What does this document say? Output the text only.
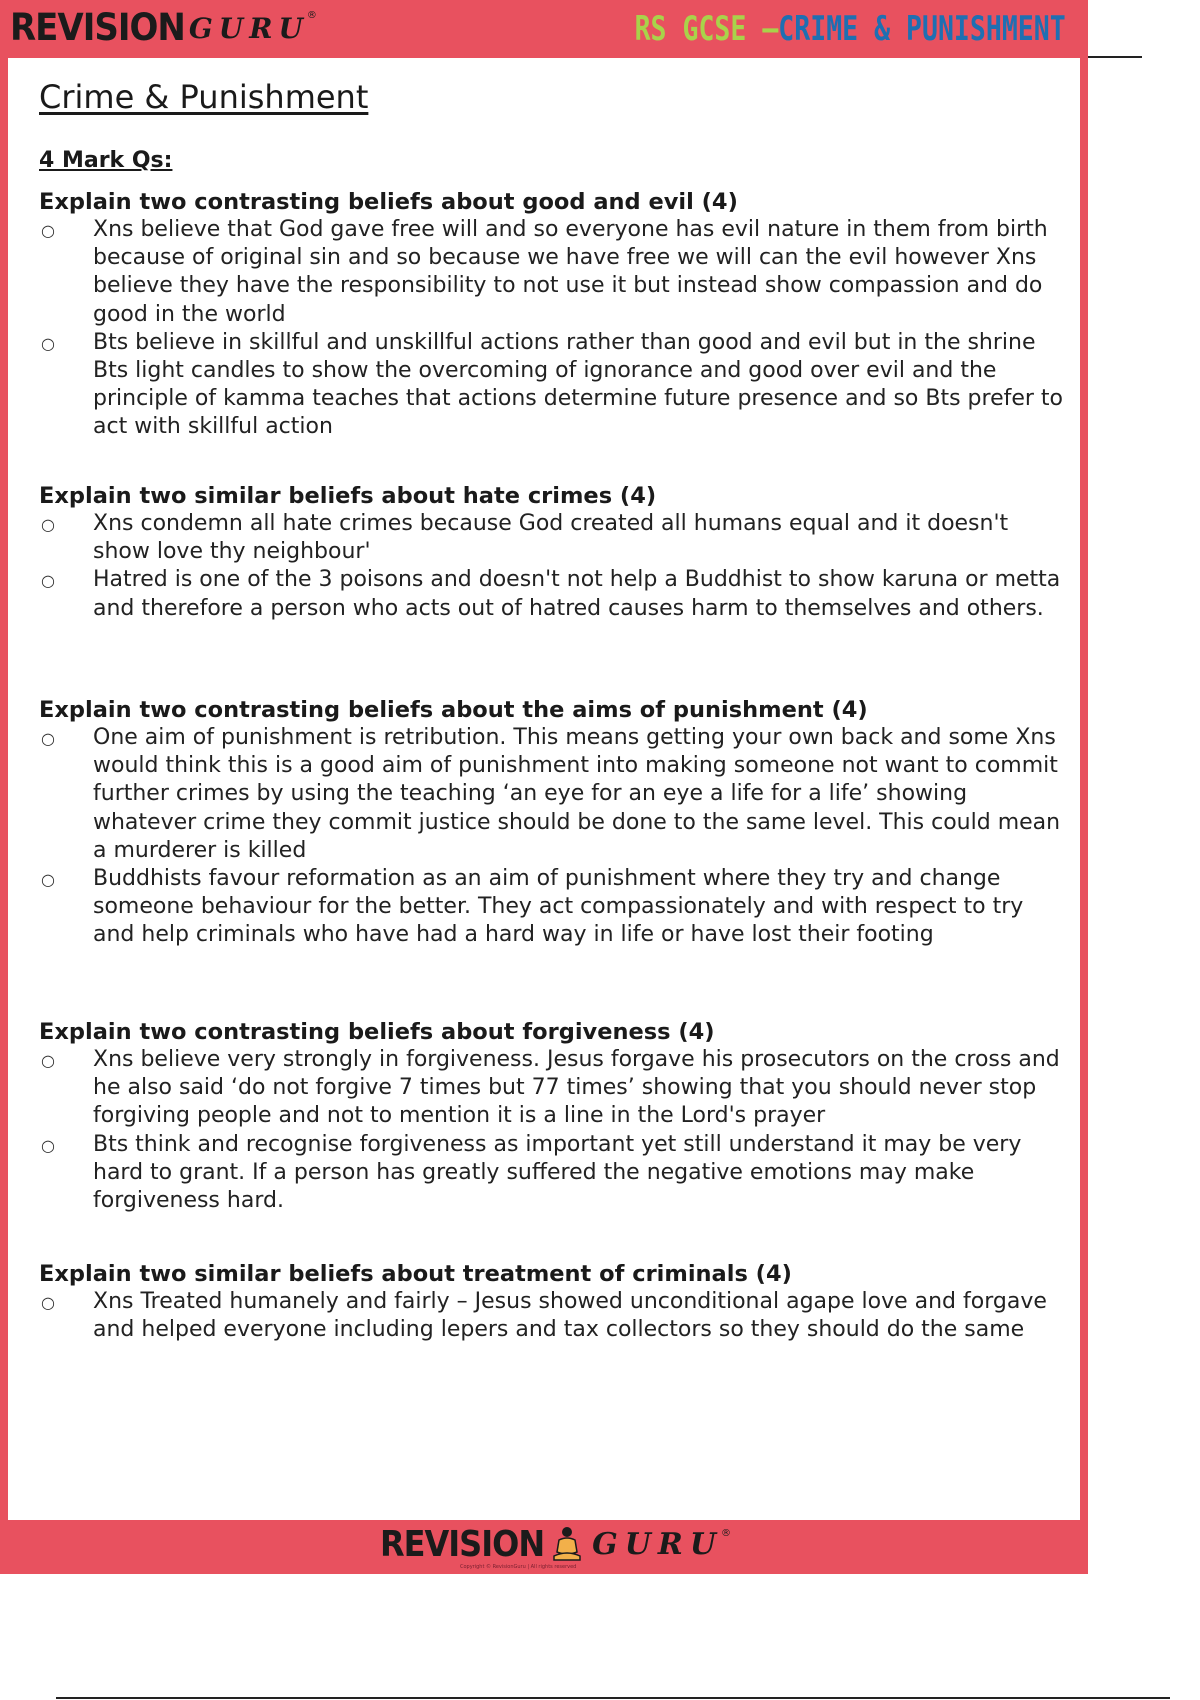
REVISION GURU
®	RS GCSE – CRIME & PUNISHMENT
Crime & Punishment
4 Mark Qs:
Explain two contrasting beliefs about good and evil (4)
○ Xns believe that God gave free will and so everyone has evil nature in them from birth because of original sin and so because we have free we will can the evil however Xns believe they have the responsibility to not use it but instead show compassion and do good in the world
○ Bts believe in skillful and unskillful actions rather than good and evil but in the shrine Bts light candles to show the overcoming of ignorance and good over evil and the principle of kamma teaches that actions determine future presence and so Bts prefer to act with skillful action
Explain two similar beliefs about hate crimes (4)
○ Xns condemn all hate crimes because God created all humans equal and it doesn't show love thy neighbour'
○ Hatred is one of the 3 poisons and doesn't not help a Buddhist to show karuna or metta and therefore a person who acts out of hatred causes harm to themselves and others.
Explain two contrasting beliefs about the aims of punishment (4)
○ One aim of punishment is retribution. This means getting your own back and some Xns would think this is a good aim of punishment into making someone not want to commit further crimes by using the teaching ‘an eye for an eye a life for a life’ showing whatever crime they commit justice should be done to the same level. This could mean a murderer is killed
○ Buddhists favour reformation as an aim of punishment where they try and change someone behaviour for the better. They act compassionately and with respect to try and help criminals who have had a hard way in life or have lost their footing
Explain two contrasting beliefs about forgiveness (4)
○ Xns believe very strongly in forgiveness. Jesus forgave his prosecutors on the cross and he also said ‘do not forgive 7 times but 77 times’ showing that you should never stop forgiving people and not to mention it is a line in the Lord's prayer
○ Bts think and recognise forgiveness as important yet still understand it may be very hard to grant. If a person has greatly suffered the negative emotions may make forgiveness hard.
Explain two similar beliefs about treatment of criminals (4)
○ Xns Treated humanely and fairly – Jesus showed unconditional agape love and forgave and helped everyone including lepers and tax collectors so they should do the same
REVISION GURU
®
Copyright © RevisionGuru | All rights reserved
